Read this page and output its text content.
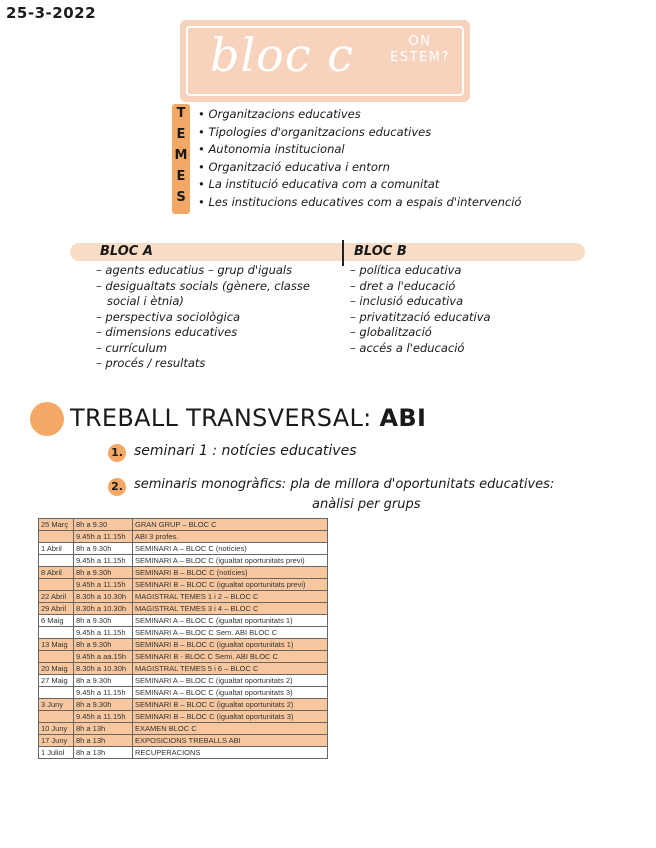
25-3-2022
bloc c	ON ESTEM?
T
E
M
E
S
• Organitzacions educatives
• Tipologies d'organitzacions educatives
• Autonomia institucional
• Organització educativa i entorn
• La institució educativa com a comunitat
• Les institucions educatives com a espais d'intervenció
BLOC A	BLOC B
– agents educatius – grup d'iguals
– desigualtats socials (gènere, classe
social i ètnia)
– perspectiva sociològica
– dimensions educatives
– currículum
– procés / resultats
– política educativa
– dret a l'educació
– inclusió educativa
– privatització educativa
– globalització
– accés a l'educació
TREBALL TRANSVERSAL: ABI
1. seminari 1 : notícies educatives
2. seminaris monogràfics: pla de millora d'oportunitats educatives:
anàlisi per grups
25 Març	8h a 9.30	GRAN GRUP – BLOC C
	9.45h a 11.15h	ABI 3 profes.
1 Abril	8h a 9.30h	SEMINARI A – BLOC C (notícies)
	9.45h a 11.15h	SEMINARI A – BLOC C (igualtat oportunitats previ)
8 Abril	8h a 9.30h	SEMINARI B – BLOC C (notícies)
	9.45h a 11.15h	SEMINARI B – BLOC C (igualtat oportunitats previ)
22 Abril	8.30h a 10.30h	MAGISTRAL TEMES 1 i 2 – BLOC C
29 Abril	8.30h a 10.30h	MAGISTRAL TEMES 3 i 4 – BLOC C
6 Maig	8h a 9.30h	SEMINARI A – BLOC C (igualtat oportunitats 1)
	9.45h a 11.15h	SEMINARI A – BLOC C Sem. ABI BLOC C
13 Maig	8h a 9.30h	SEMINARI B – BLOC C (igualtat oportunitats 1)
	9.45h a aa.15h	SEMINARI B - BLOC C Semi. ABI BLOC C
20 Maig	8.30h a 10.30h	MAGISTRAL TEMES 5 i 6 – BLOC C
27 Maig	8h a 9.30h	SEMINARI A – BLOC C (igualtat oportunitats 2)
	9.45h a 11.15h	SEMINARI A – BLOC C (igualtat oportunitats 3)
3 Juny	8h a 9.30h	SEMINARI B – BLOC C (igualtat oportunitats 2)
	9.45h a 11.15h	SEMINARI B – BLOC C (igualtat oportunitats 3)
10 Juny	8h a 13h	EXAMEN BLOC C
17 Juny	8h a 13h	EXPOSICIONS TREBALLS ABI
1 Juliol	8h a 13h	RECUPERACIONS
